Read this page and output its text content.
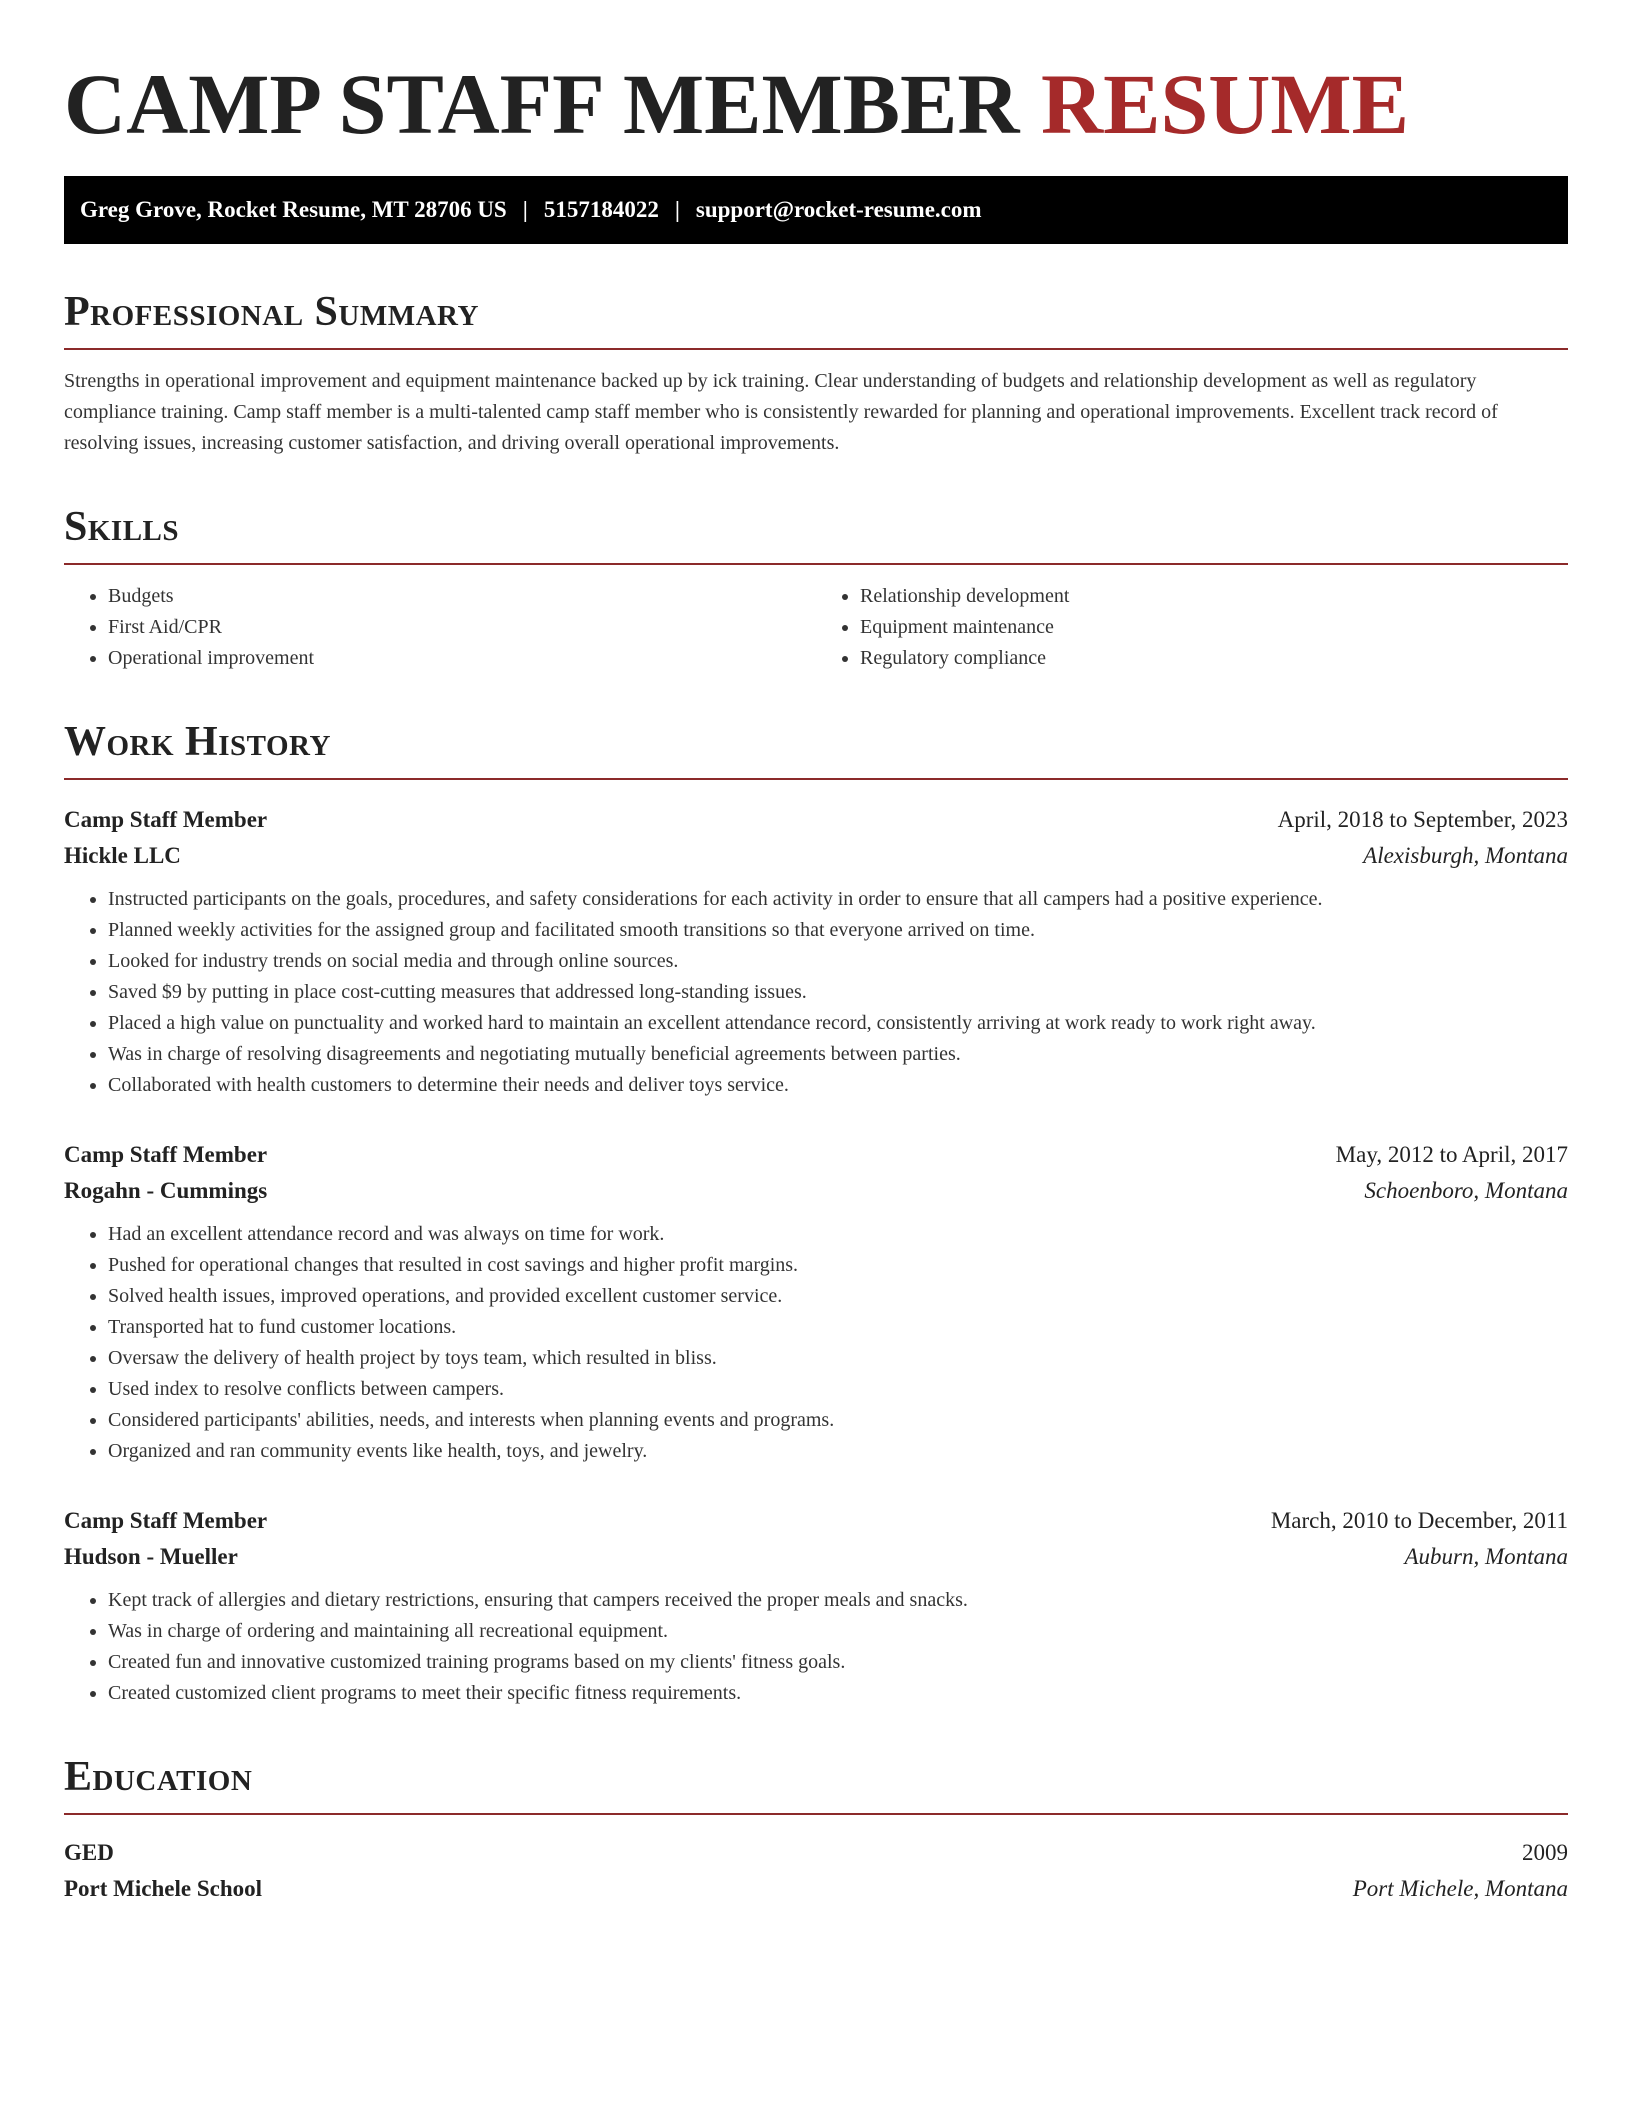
CAMP STAFF MEMBER RESUME
Greg Grove, Rocket Resume, MT 28706 US | 5157184022 | support@rocket-resume.com
Professional Summary

Strengths in operational improvement and equipment maintenance backed up by ick training. Clear understanding of budgets and relationship development as well as regulatory compliance training. Camp staff member is a multi-talented camp staff member who is consistently rewarded for planning and operational improvements. Excellent track record of resolving issues, increasing customer satisfaction, and driving overall operational improvements.

Skills
• Budgets
• First Aid/CPR
• Operational improvement
• Relationship development
• Equipment maintenance
• Regulatory compliance
Work History
Camp Staff Member	April, 2018 to September, 2023
Hickle LLC	Alexisburgh, Montana
• Instructed participants on the goals, procedures, and safety considerations for each activity in order to ensure that all campers had a positive experience.
• Planned weekly activities for the assigned group and facilitated smooth transitions so that everyone arrived on time.
• Looked for industry trends on social media and through online sources.
• Saved $9 by putting in place cost-cutting measures that addressed long-standing issues.
• Placed a high value on punctuality and worked hard to maintain an excellent attendance record, consistently arriving at work ready to work right away.
• Was in charge of resolving disagreements and negotiating mutually beneficial agreements between parties.
• Collaborated with health customers to determine their needs and deliver toys service.
Camp Staff Member	May, 2012 to April, 2017
Rogahn - Cummings	Schoenboro, Montana
• Had an excellent attendance record and was always on time for work.
• Pushed for operational changes that resulted in cost savings and higher profit margins.
• Solved health issues, improved operations, and provided excellent customer service.
• Transported hat to fund customer locations.
• Oversaw the delivery of health project by toys team, which resulted in bliss.
• Used index to resolve conflicts between campers.
• Considered participants' abilities, needs, and interests when planning events and programs.
• Organized and ran community events like health, toys, and jewelry.
Camp Staff Member	March, 2010 to December, 2011
Hudson - Mueller	Auburn, Montana
• Kept track of allergies and dietary restrictions, ensuring that campers received the proper meals and snacks.
• Was in charge of ordering and maintaining all recreational equipment.
• Created fun and innovative customized training programs based on my clients' fitness goals.
• Created customized client programs to meet their specific fitness requirements.
Education
GED	2009
Port Michele School	Port Michele, Montana
